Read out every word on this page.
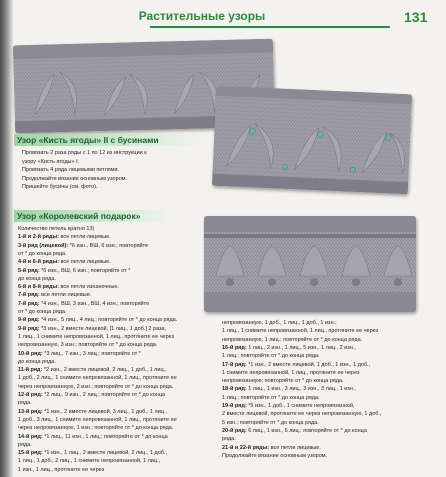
Растительные узоры	131
Узор «Кисть ягоды» II с бусинами
Провязать 2 раза ряды с 1 по 12 из инструкции к
узору «Кисть ягоды» I.
Провязать 4 ряда лицевыми петлями.
Продолжайте вязание основным узором.
Пришейте бусины (см. фото).
Узор «Королевский подарок»
Количество петель кратно 13)
1-й и 2-й ряды: все петли лицевые.
3-й ряд (лицевой): *6 изн., ВШ, 6 изн.; повторяйте
от * до конца ряда.
4-й и 6-й ряды: все петли лицевые.
5-й ряд: *6 изн., ВШ, 6 изн.; повторяйте от *
до конца ряда.
6-й и 8-й ряды: все петли изнаночные.
7-й ряд: все петли лицевые.
7-й ряд: *4 изн., ВШ, 3 изн., ВШ, 4 изн.; повторяйте
от * до конца ряда.
9-й ряд: *4 изн., 5 лиц., 4 лиц.; повторяйте от * до конца ряда.
9-й ряд: *3 изн., 2 вместе лицевой, [1 лиц., 1 доб.] 2 раза,
1 лиц., 1 снимите непровязанной, 1 лиц., протяните ее через
непровязанную, 3 изн.; повторяйте от * до конца ряда.
10-й ряд: *3 лиц., 7 изн., 3 лиц.; повторяйте от *
до конца ряда.
11-й ряд: *2 изн., 2 вместе лицевой, 2 лиц., 1 доб., 1 лиц.,
1 доб., 2 лиц., 1 снимите непровязанной, 1 лиц., протяните ее
через непровязанную, 2 изн.; повторяйте от * до конца ряда.
12-й ряд: *2 лиц., 9 изн., 2 лиц.; повторяйте от * до конца
ряда.
13-й ряд: *1 изн., 2 вместе лицевой, 3 лиц., 1 доб., 1 лиц.,
1 доб., 3 лиц., 1 снимите непровязанной, 1 лиц., протяните ее
через непровязанную, 1 изн.; повторяйте от * до конца ряда.
14-й ряд: *1 лиц., 11 изн., 1 лиц.; повторяйте от * до конца
ряда.
15-й ряд: *1 изн., 1 лиц., 2 вместе лицевой, 2 лиц., 1 доб.,
1 лиц., 1 доб., 2 лиц., 1 снимите непровязанной, 1 лиц.,
1 изн., 1 лиц., протяните ее через
непровязанную, 1 доб., 1 лиц., 1 доб., 1 изн.;
1 лиц., 1 снимите непровязанной, 1 лиц., протяните ее через
непровязанную, 1 лиц.; повторяйте от * до конца ряда.
16-й ряд: 1 лиц., 2 изн., 1 лиц., 5 изн., 1 лиц., 2 изн.,
1 лиц.; повторяйте от * до конца ряда.
17-й ряд: *1 изн., 2 вместе лицевой, 1 доб., 1 изн., 1 доб.,
1 снимите непровязанной, 1 лиц., протяните ее через
непровязанную; повторяйте от * до конца ряда.
18-й ряд: 1 лиц., 1 изн., 3 лиц., 3 изн., 3 лиц., 1 изн.,
1 лиц.; повторяйте от * до конца ряда.
19-й ряд: *5 изн., 1 доб., 1 снимите непровязанной,
2 вместе лицевой, протяните ее через непровязанную, 1 доб.,
5 изн.; повторяйте от * до конца ряда.
20-й ряд: 6 лиц., 1 изн., 6 лиц.; повторяйте от * до конца
ряда.
21-й и 22-й ряды: все петли лицевые.
Продолжайте вязание основным узором.
